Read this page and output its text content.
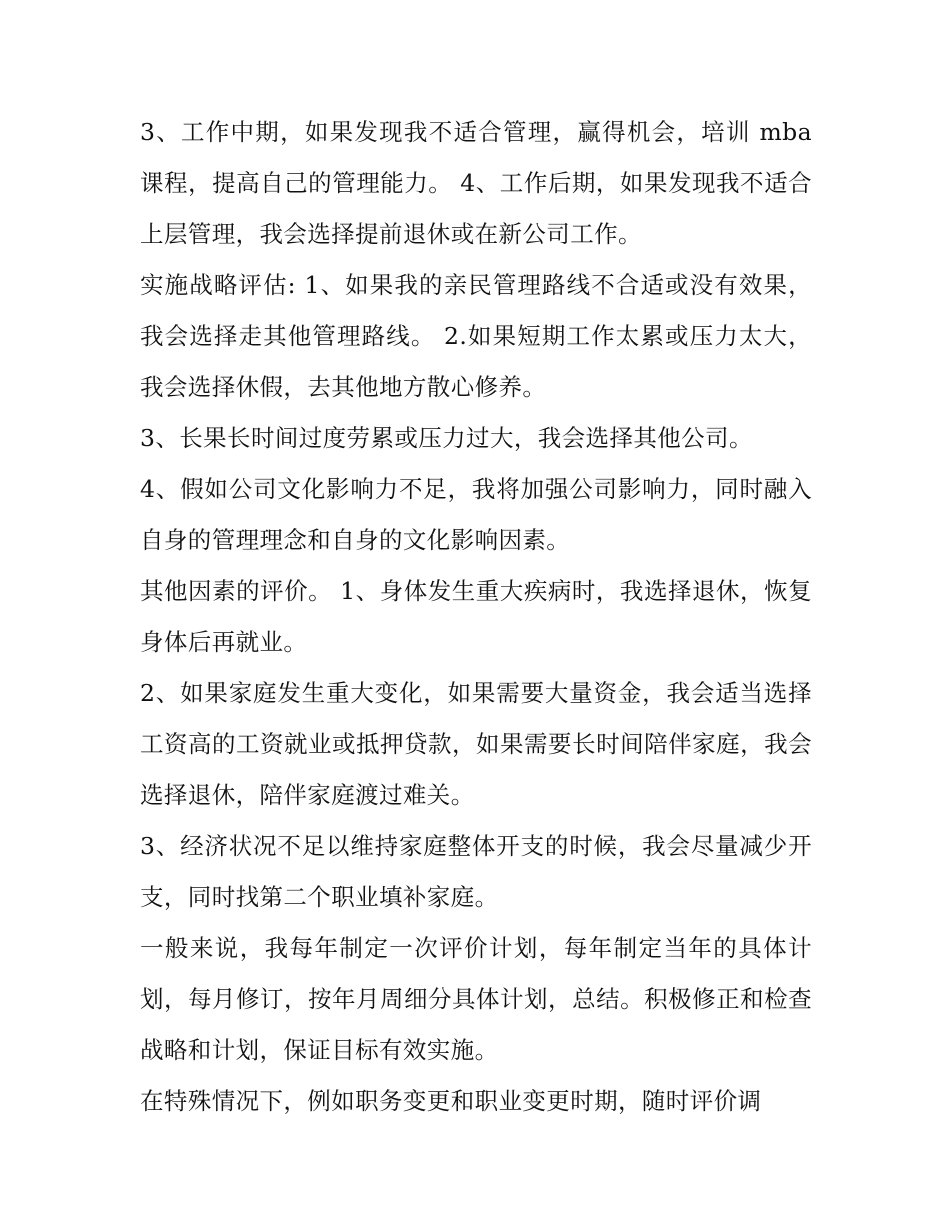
3、工作中期，如果发现我不适合管理，赢得机会，培训 mba 课程，提高自己的管理能力。 4、工作后期，如果发现我不适合上层管理，我会选择提前退休或在新公司工作。

实施战略评估: 1、如果我的亲民管理路线不合适或没有效果，我会选择走其他管理路线。 2.如果短期工作太累或压力太大，我会选择休假，去其他地方散心修养。

3、长果长时间过度劳累或压力过大，我会选择其他公司。

4、假如公司文化影响力不足，我将加强公司影响力，同时融入自身的管理理念和自身的文化影响因素。

其他因素的评价。 1、身体发生重大疾病时，我选择退休，恢复身体后再就业。

2、如果家庭发生重大变化，如果需要大量资金，我会适当选择工资高的工资就业或抵押贷款，如果需要长时间陪伴家庭，我会选择退休，陪伴家庭渡过难关。

3、经济状况不足以维持家庭整体开支的时候，我会尽量减少开支，同时找第二个职业填补家庭。

一般来说，我每年制定一次评价计划，每年制定当年的具体计划，每月修订，按年月周细分具体计划，总结。积极修正和检查战略和计划，保证目标有效实施。

在特殊情况下，例如职务变更和职业变更时期，随时评价调
